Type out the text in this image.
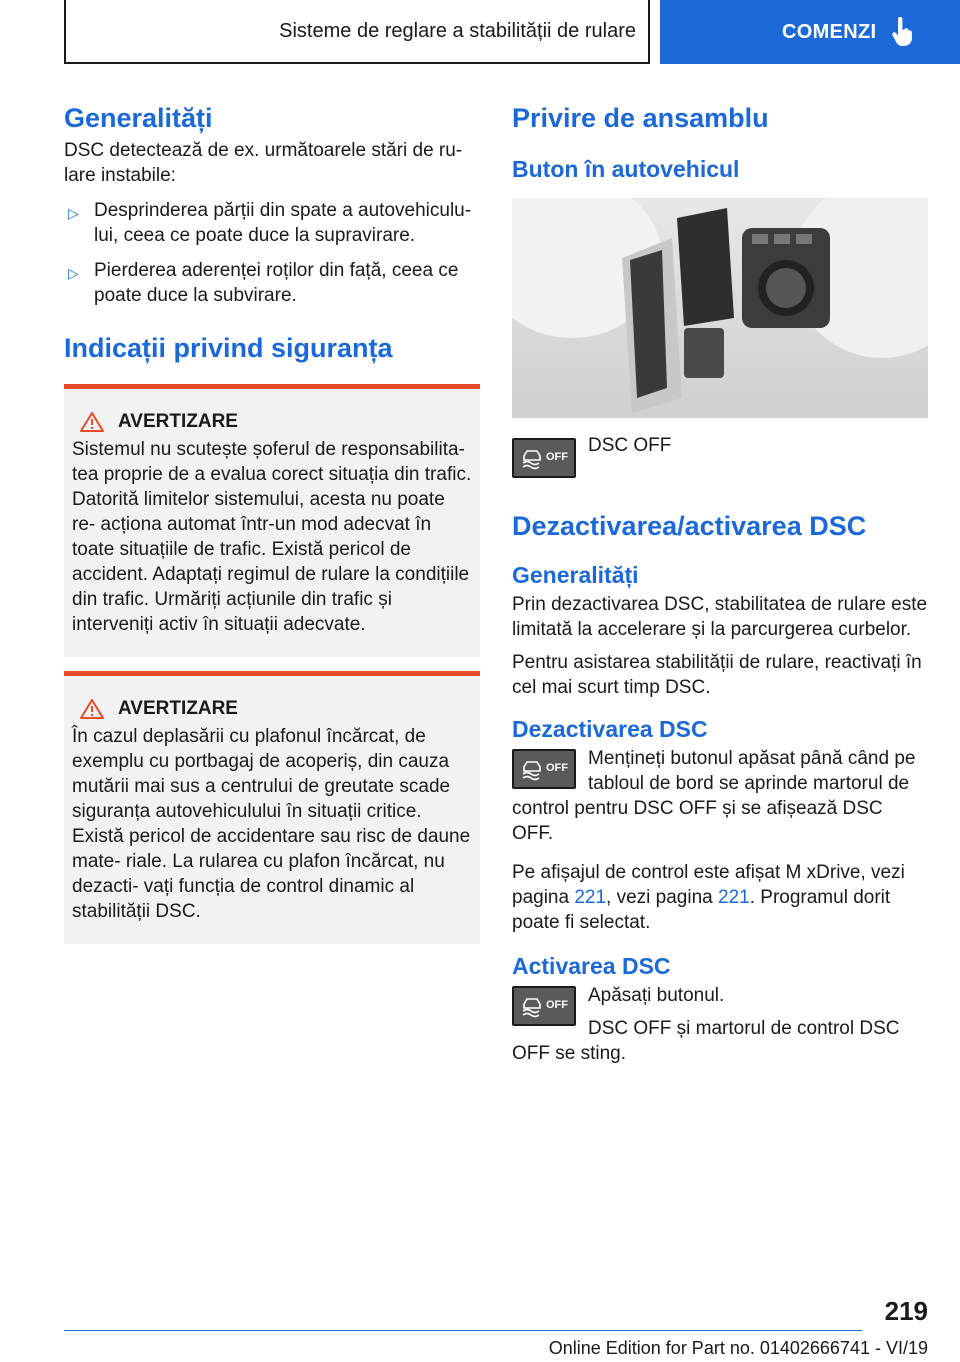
Sisteme de reglare a stabilității de rulare	COMENZI
Generalități

DSC detectează de ex. următoarele stări de ru‐ lare instabile:

▷ Desprinderea părții din spate a autovehiculu‐ lui, ceea ce poate duce la supravirare.
▷ Pierderea aderenței roților din față, ceea ce poate duce la subvirare.
Indicații privind siguranța
AVERTIZARE

Sistemul nu scutește șoferul de responsabilita‐ tea proprie de a evalua corect situația din trafic. Datorită limitelor sistemului, acesta nu poate re‐ acționa automat într-un mod adecvat în toate situațiile de trafic. Există pericol de accident. Adaptați regimul de rulare la condițiile din trafic. Urmăriți acțiunile din trafic și interveniți activ în situații adecvate.

AVERTIZARE

În cazul deplasării cu plafonul încărcat, de exemplu cu portbagaj de acoperiș, din cauza mutării mai sus a centrului de greutate scade siguranța autovehiculului în situații critice. Există pericol de accidentare sau risc de daune mate‐ riale. La rularea cu plafon încărcat, nu dezacti‐ vați funcția de control dinamic al stabilității DSC.

Privire de ansamblu
Buton în autovehicul
OFF

DSC OFF

Dezactivarea/activarea DSC
Generalități

Prin dezactivarea DSC, stabilitatea de rulare este limitată la accelerare și la parcurgerea curbelor.

Pentru asistarea stabilității de rulare, reactivați în cel mai scurt timp DSC.

Dezactivarea DSC
OFF	Mențineți butonul apăsat până când pe tabloul de bord se aprinde martorul de control pentru DSC OFF și se afișează DSC OFF.

Pe afișajul de control este afișat M xDrive, vezi pagina 221, vezi pagina 221. Programul dorit poate fi selectat.

Activarea DSC
OFF	Apăsați butonul.

DSC OFF și martorul de control DSC OFF se sting.

219
Online Edition for Part no. 01402666741 - VI/19
